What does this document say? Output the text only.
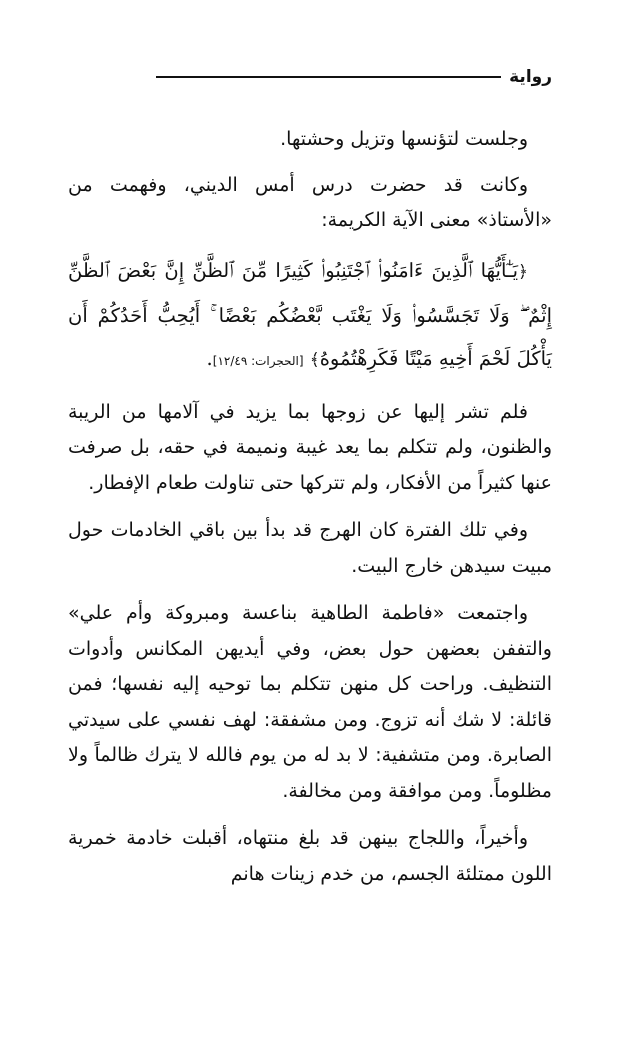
رواية

وجلست لتؤنسها وتزيل وحشتها.

وكانت قد حضرت درس أمس الديني، وفهمت من «الأستاذ» معنى الآية الكريمة:

﴿يَـٰٓأَيُّهَا ٱلَّذِينَ ءَامَنُوا۟ ٱجْتَنِبُوا۟ كَثِيرًا مِّنَ ٱلظَّنِّ إِنَّ بَعْضَ ٱلظَّنِّ إِثْمٌ ۖ وَلَا تَجَسَّسُوا۟ وَلَا يَغْتَب بَّعْضُكُم بَعْضًا ۚ أَيُحِبُّ أَحَدُكُمْ أَن يَأْكُلَ لَحْمَ أَخِيهِ مَيْتًا فَكَرِهْتُمُوهُ﴾ [الحجرات: ١٢/٤٩].

فلم تشر إليها عن زوجها بما يزيد في آلامها من الريبة والظنون، ولم تتكلم بما يعد غيبة ونميمة في حقه، بل صرفت عنها كثيراً من الأفكار، ولم تتركها حتى تناولت طعام الإفطار.

وفي تلك الفترة كان الهرج قد بدأ بين باقي الخادمات حول مبيت سيدهن خارج البيت.

واجتمعت «فاطمة الطاهية بناعسة ومبروكة وأم علي» والتففن بعضهن حول بعض، وفي أيديهن المكانس وأدوات التنظيف. وراحت كل منهن تتكلم بما توحيه إليه نفسها؛ فمن قائلة: لا شك أنه تزوج. ومن مشفقة: لهف نفسي على سيدتي الصابرة. ومن متشفية: لا بد له من يوم فالله لا يترك ظالماً ولا مظلوماً. ومن موافقة ومن مخالفة.

وأخيراً، واللجاج بينهن قد بلغ منتهاه، أقبلت خادمة خمرية اللون ممتلئة الجسم، من خدم زينات هانم
